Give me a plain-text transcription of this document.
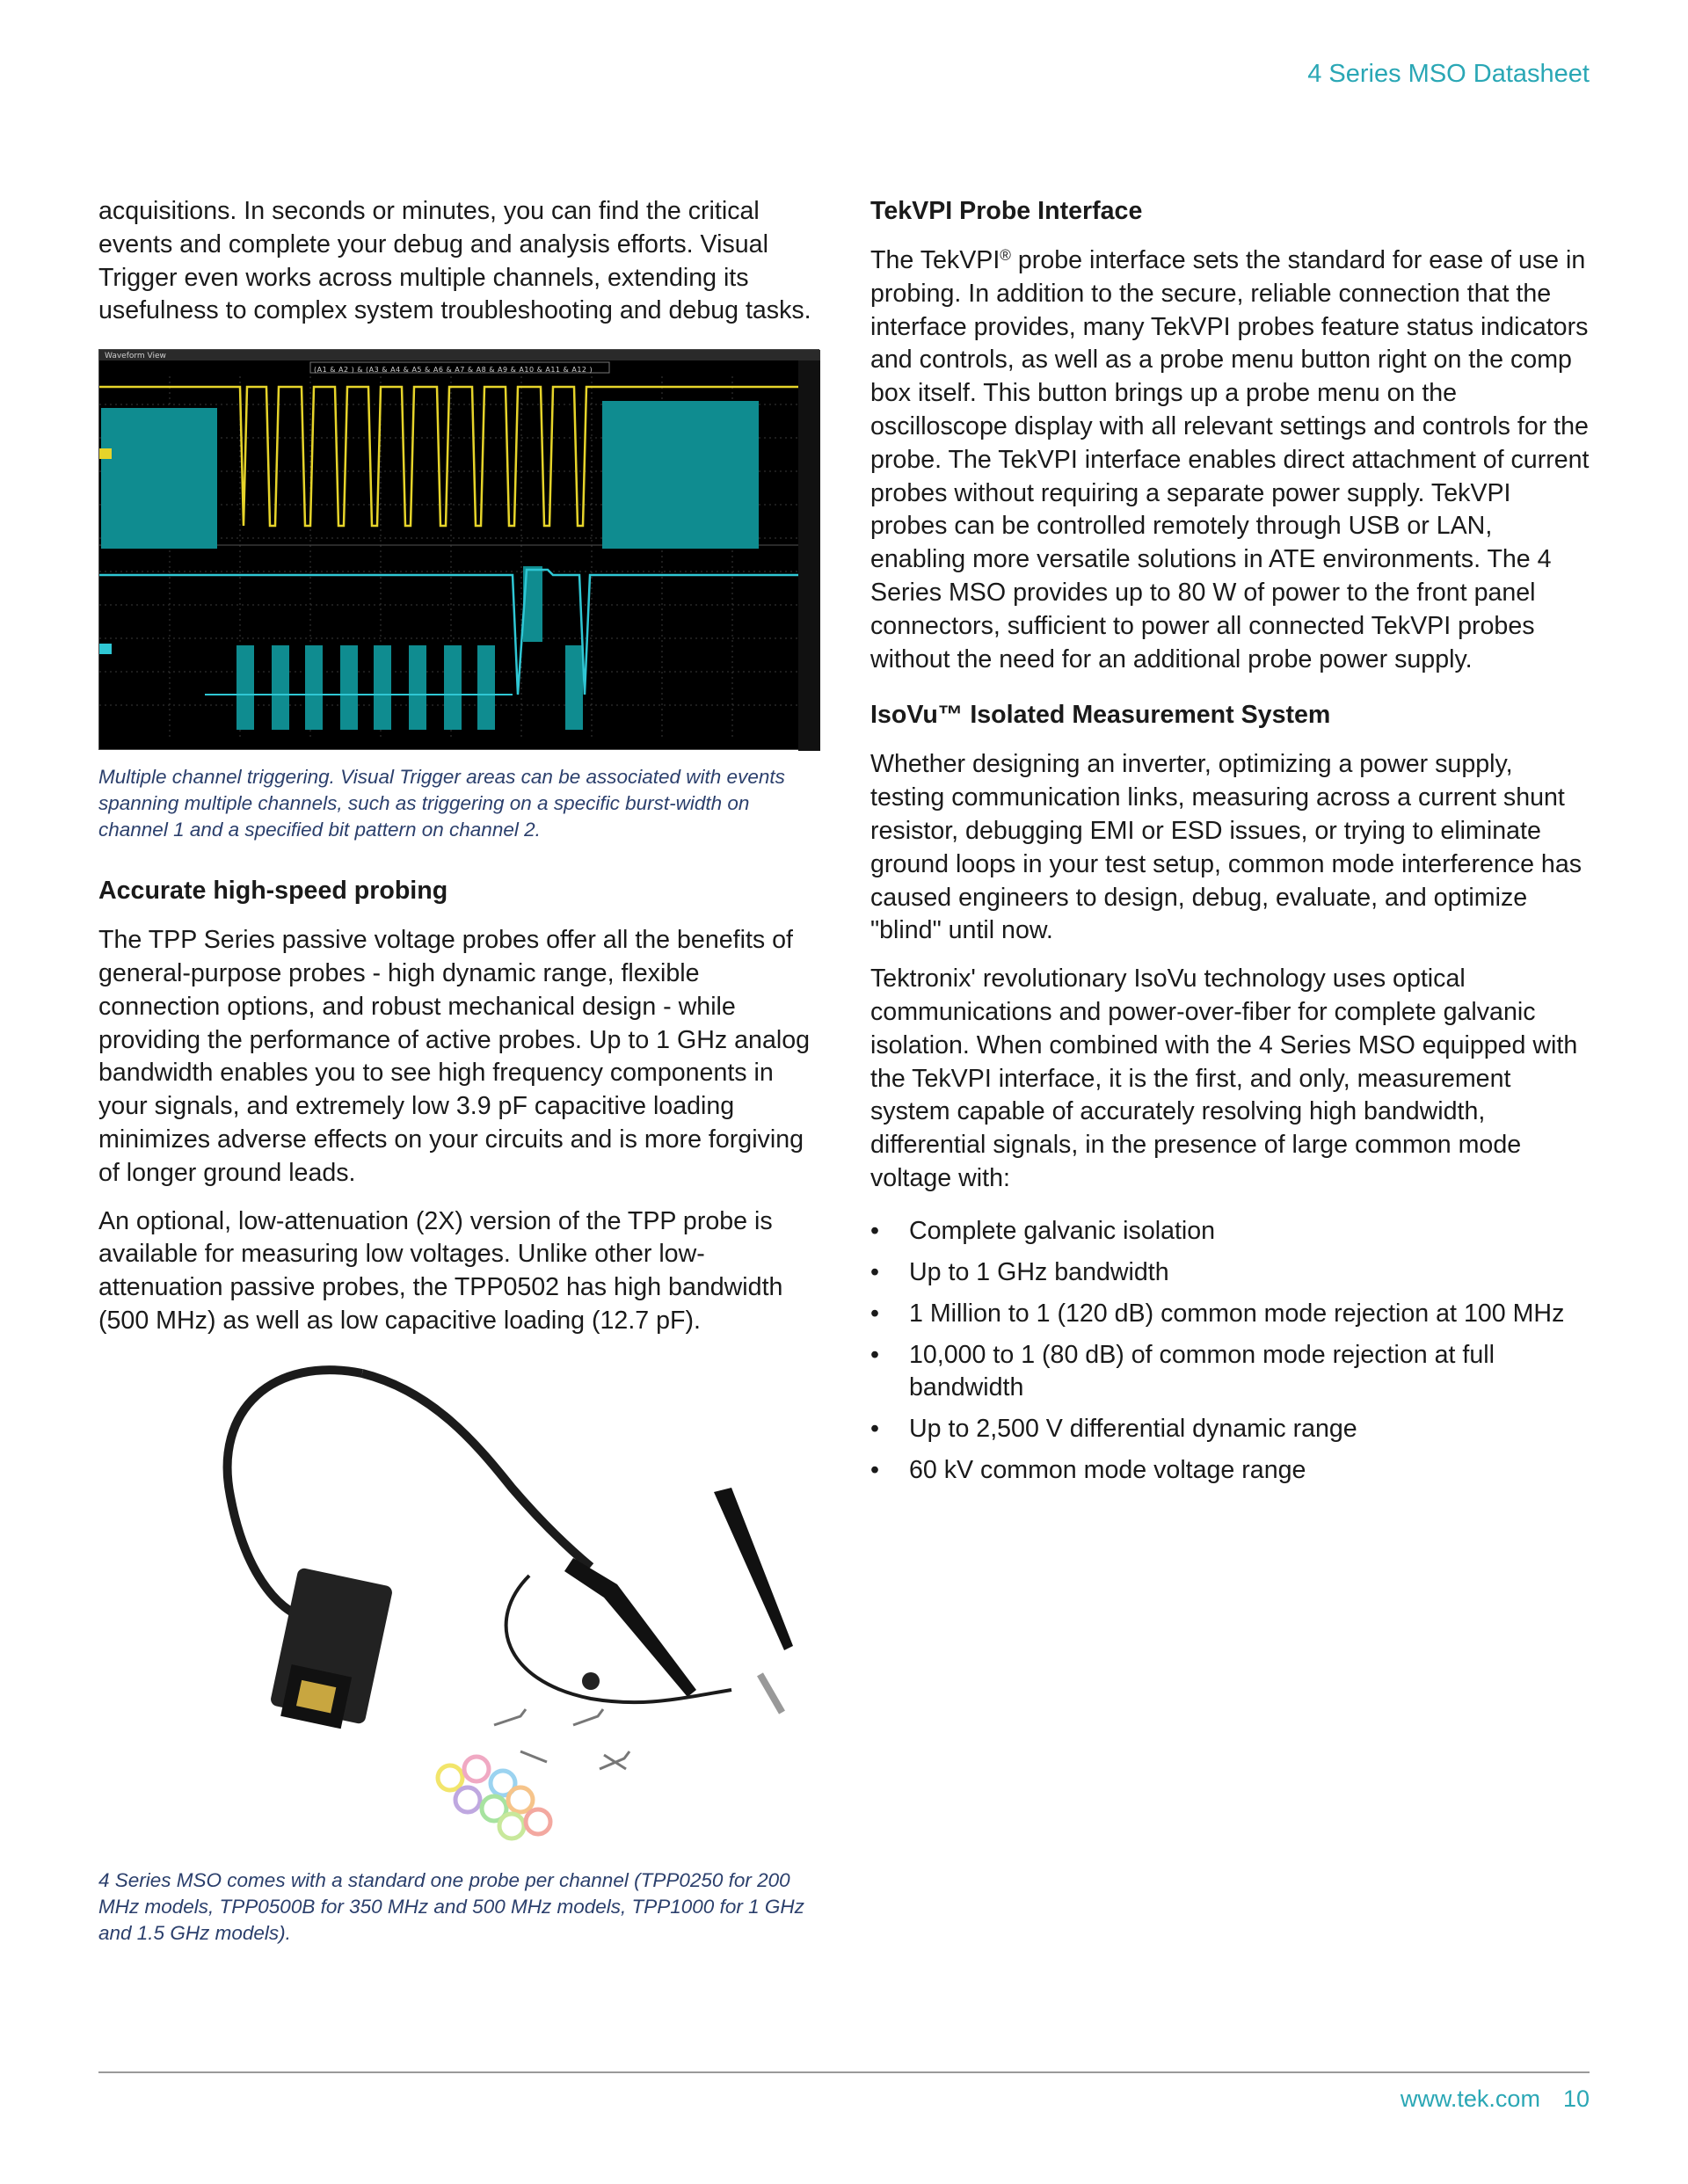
4 Series MSO Datasheet

acquisitions. In seconds or minutes, you can find the critical events and complete your debug and analysis efforts. Visual Trigger even works across multiple channels, extending its usefulness to complex system troubleshooting and debug tasks.

Waveform View
(A1 & A2 ) & (A3 & A4 & A5 & A6 & A7 & A8 & A9 & A10 & A11 & A12 )

Multiple channel triggering. Visual Trigger areas can be associated with events spanning multiple channels, such as triggering on a specific burst-width on channel 1 and a specified bit pattern on channel 2.

Accurate high-speed probing

The TPP Series passive voltage probes offer all the benefits of general-purpose probes - high dynamic range, flexible connection options, and robust mechanical design - while providing the performance of active probes. Up to 1 GHz analog bandwidth enables you to see high frequency components in your signals, and extremely low 3.9 pF capacitive loading minimizes adverse effects on your circuits and is more forgiving of longer ground leads.

An optional, low-attenuation (2X) version of the TPP probe is available for measuring low voltages. Unlike other low-attenuation passive probes, the TPP0502 has high bandwidth (500 MHz) as well as low capacitive loading (12.7 pF).

4 Series MSO comes with a standard one probe per channel (TPP0250 for 200 MHz models, TPP0500B for 350 MHz and 500 MHz models, TPP1000 for 1 GHz and 1.5 GHz models).

TekVPI Probe Interface

The TekVPI® probe interface sets the standard for ease of use in probing. In addition to the secure, reliable connection that the interface provides, many TekVPI probes feature status indicators and controls, as well as a probe menu button right on the comp box itself. This button brings up a probe menu on the oscilloscope display with all relevant settings and controls for the probe. The TekVPI interface enables direct attachment of current probes without requiring a separate power supply. TekVPI probes can be controlled remotely through USB or LAN, enabling more versatile solutions in ATE environments. The 4 Series MSO provides up to 80 W of power to the front panel connectors, sufficient to power all connected TekVPI probes without the need for an additional probe power supply.

IsoVu™ Isolated Measurement System

Whether designing an inverter, optimizing a power supply, testing communication links, measuring across a current shunt resistor, debugging EMI or ESD issues, or trying to eliminate ground loops in your test setup, common mode interference has caused engineers to design, debug, evaluate, and optimize "blind" until now.

Tektronix' revolutionary IsoVu technology uses optical communications and power-over-fiber for complete galvanic isolation. When combined with the 4 Series MSO equipped with the TekVPI interface, it is the first, and only, measurement system capable of accurately resolving high bandwidth, differential signals, in the presence of large common mode voltage with:

• Complete galvanic isolation
• Up to 1 GHz bandwidth
• 1 Million to 1 (120 dB) common mode rejection at 100 MHz
• 10,000 to 1 (80 dB) of common mode rejection at full bandwidth
• Up to 2,500 V differential dynamic range
• 60 kV common mode voltage range
www.tek.com 10
